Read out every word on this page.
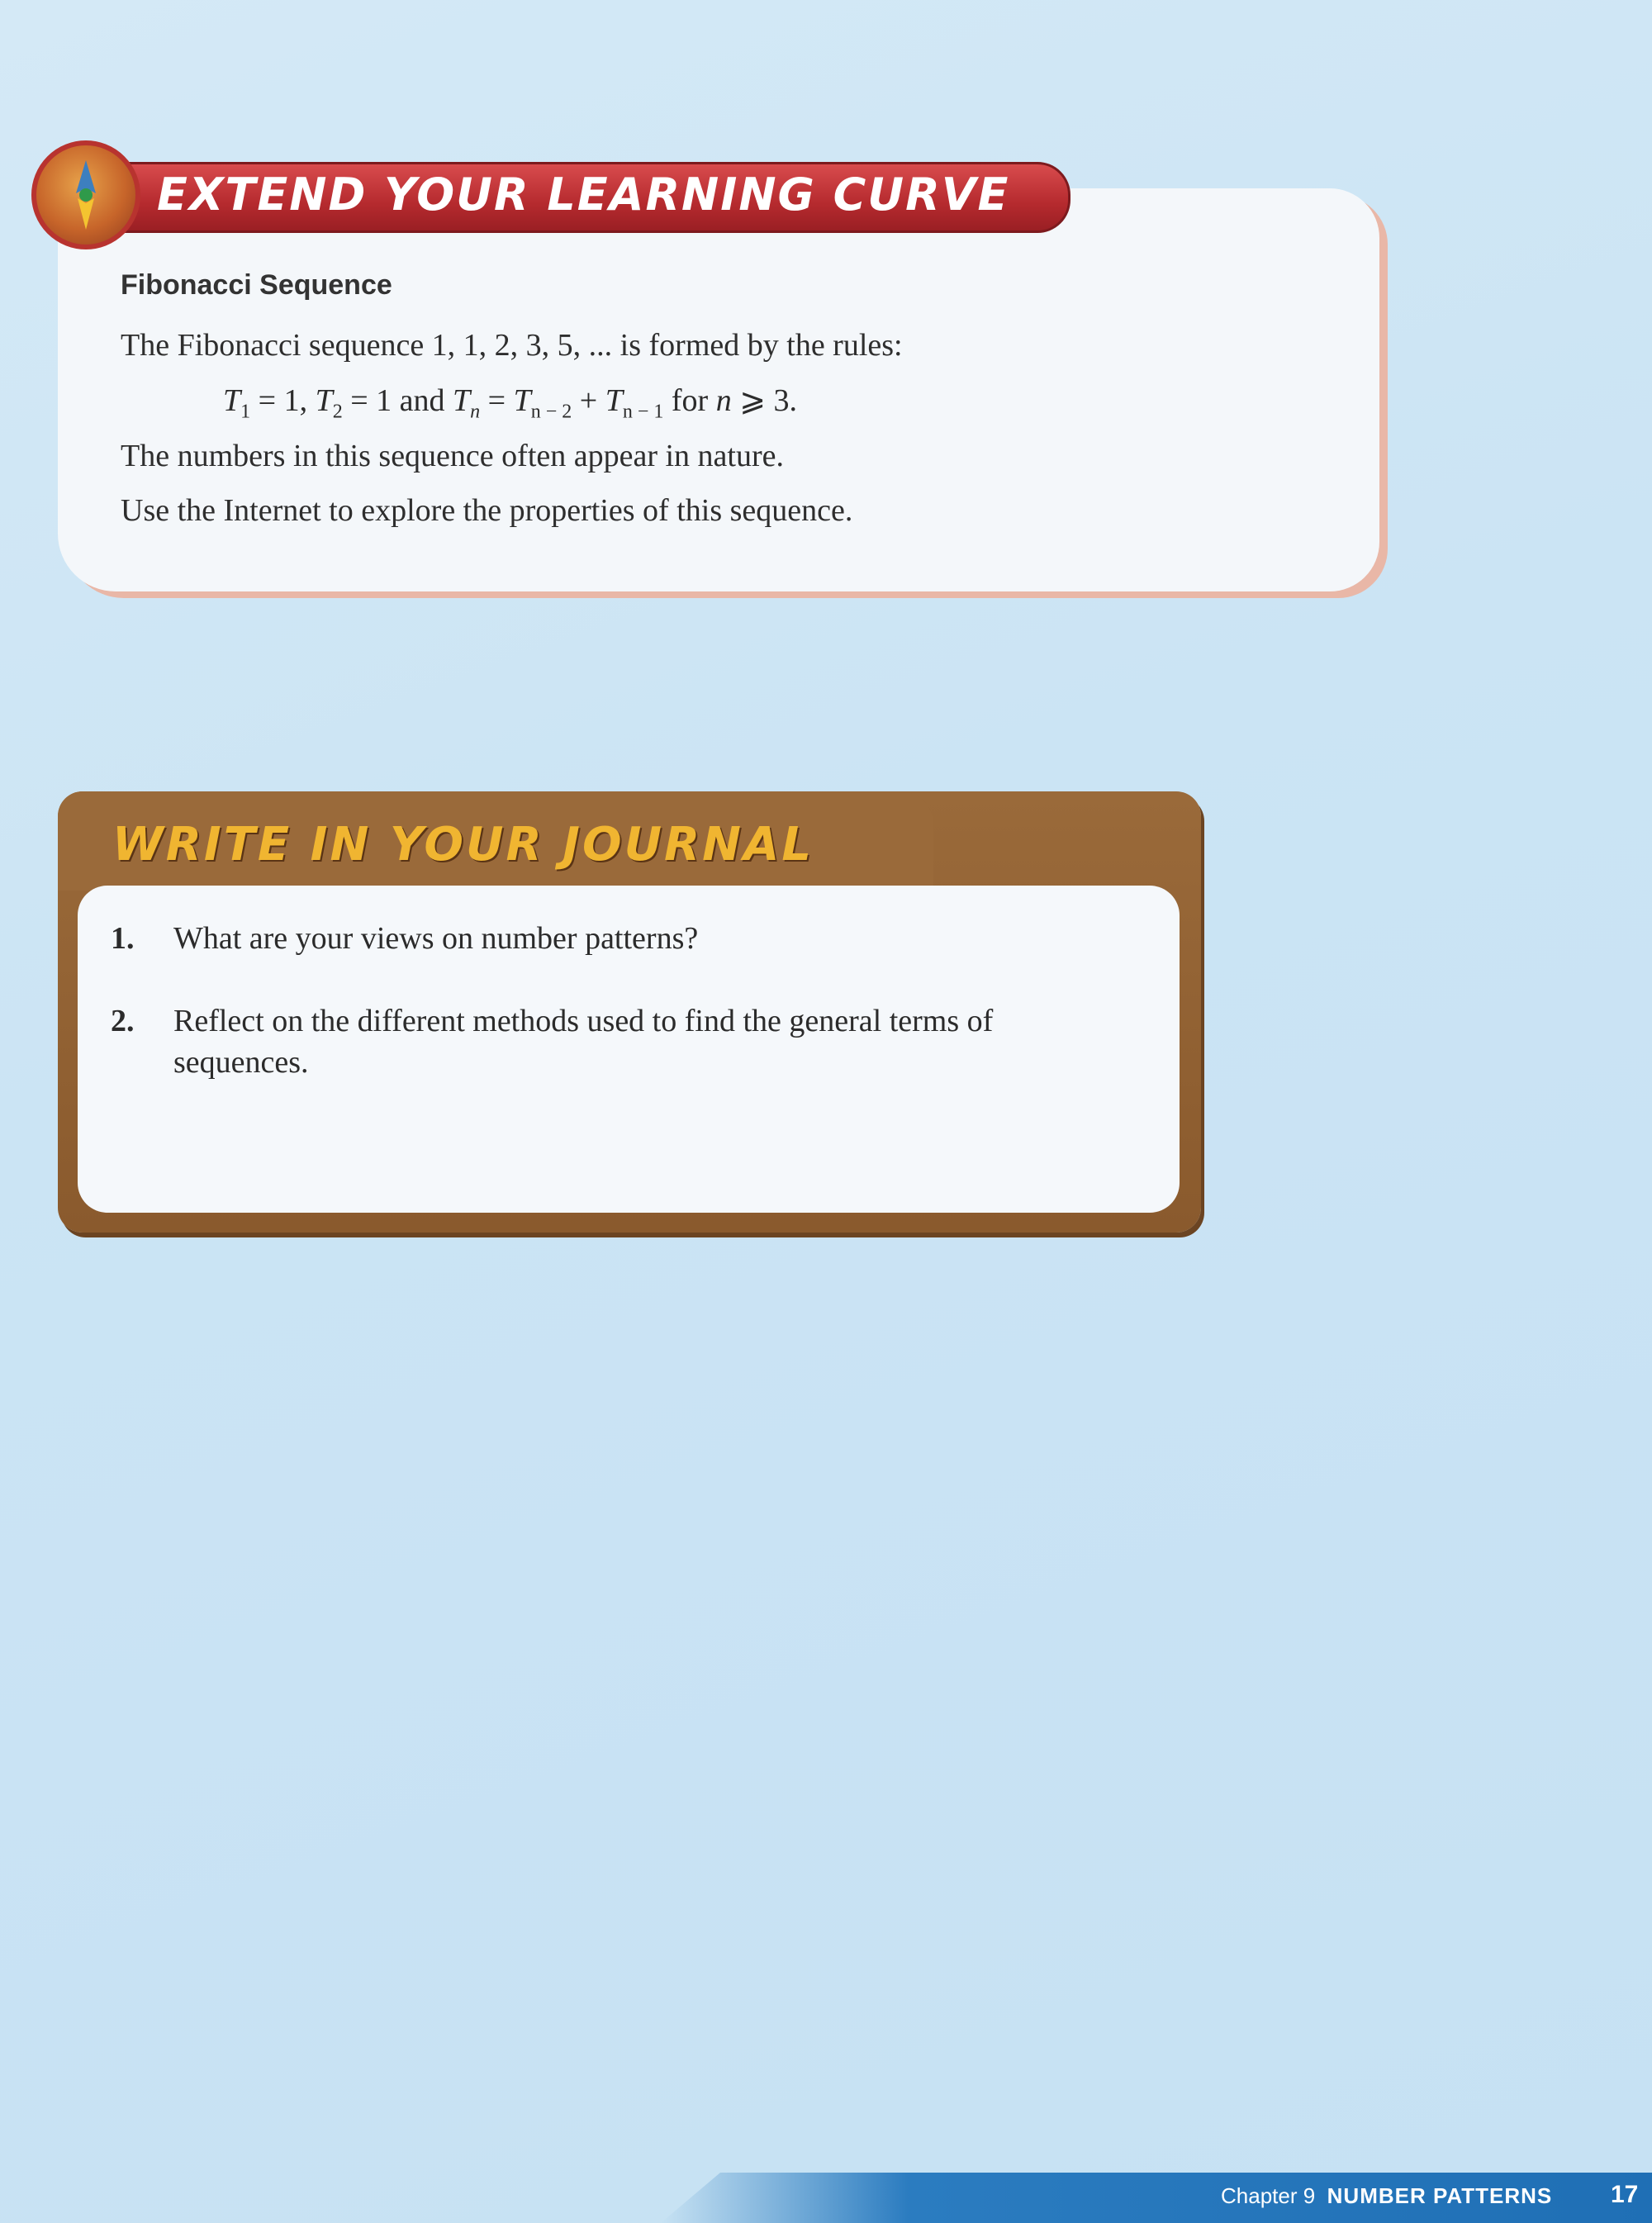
EXTEND YOUR LEARNING CURVE
Fibonacci Sequence
The Fibonacci sequence 1, 1, 2, 3, 5, ... is formed by the rules:
$T_1 = 1$, $T_2 = 1$ and $T_n = T_{n - 2} + T_{n - 1}$ for n ⩾ 3.
The numbers in this sequence often appear in nature.
Use the Internet to explore the properties of this sequence.
WRITE IN YOUR JOURNAL
1. What are your views on number patterns?
2. Reflect on the different methods used to find the general terms of
sequences.
Chapter 9 NUMBER PATTERNS 17
